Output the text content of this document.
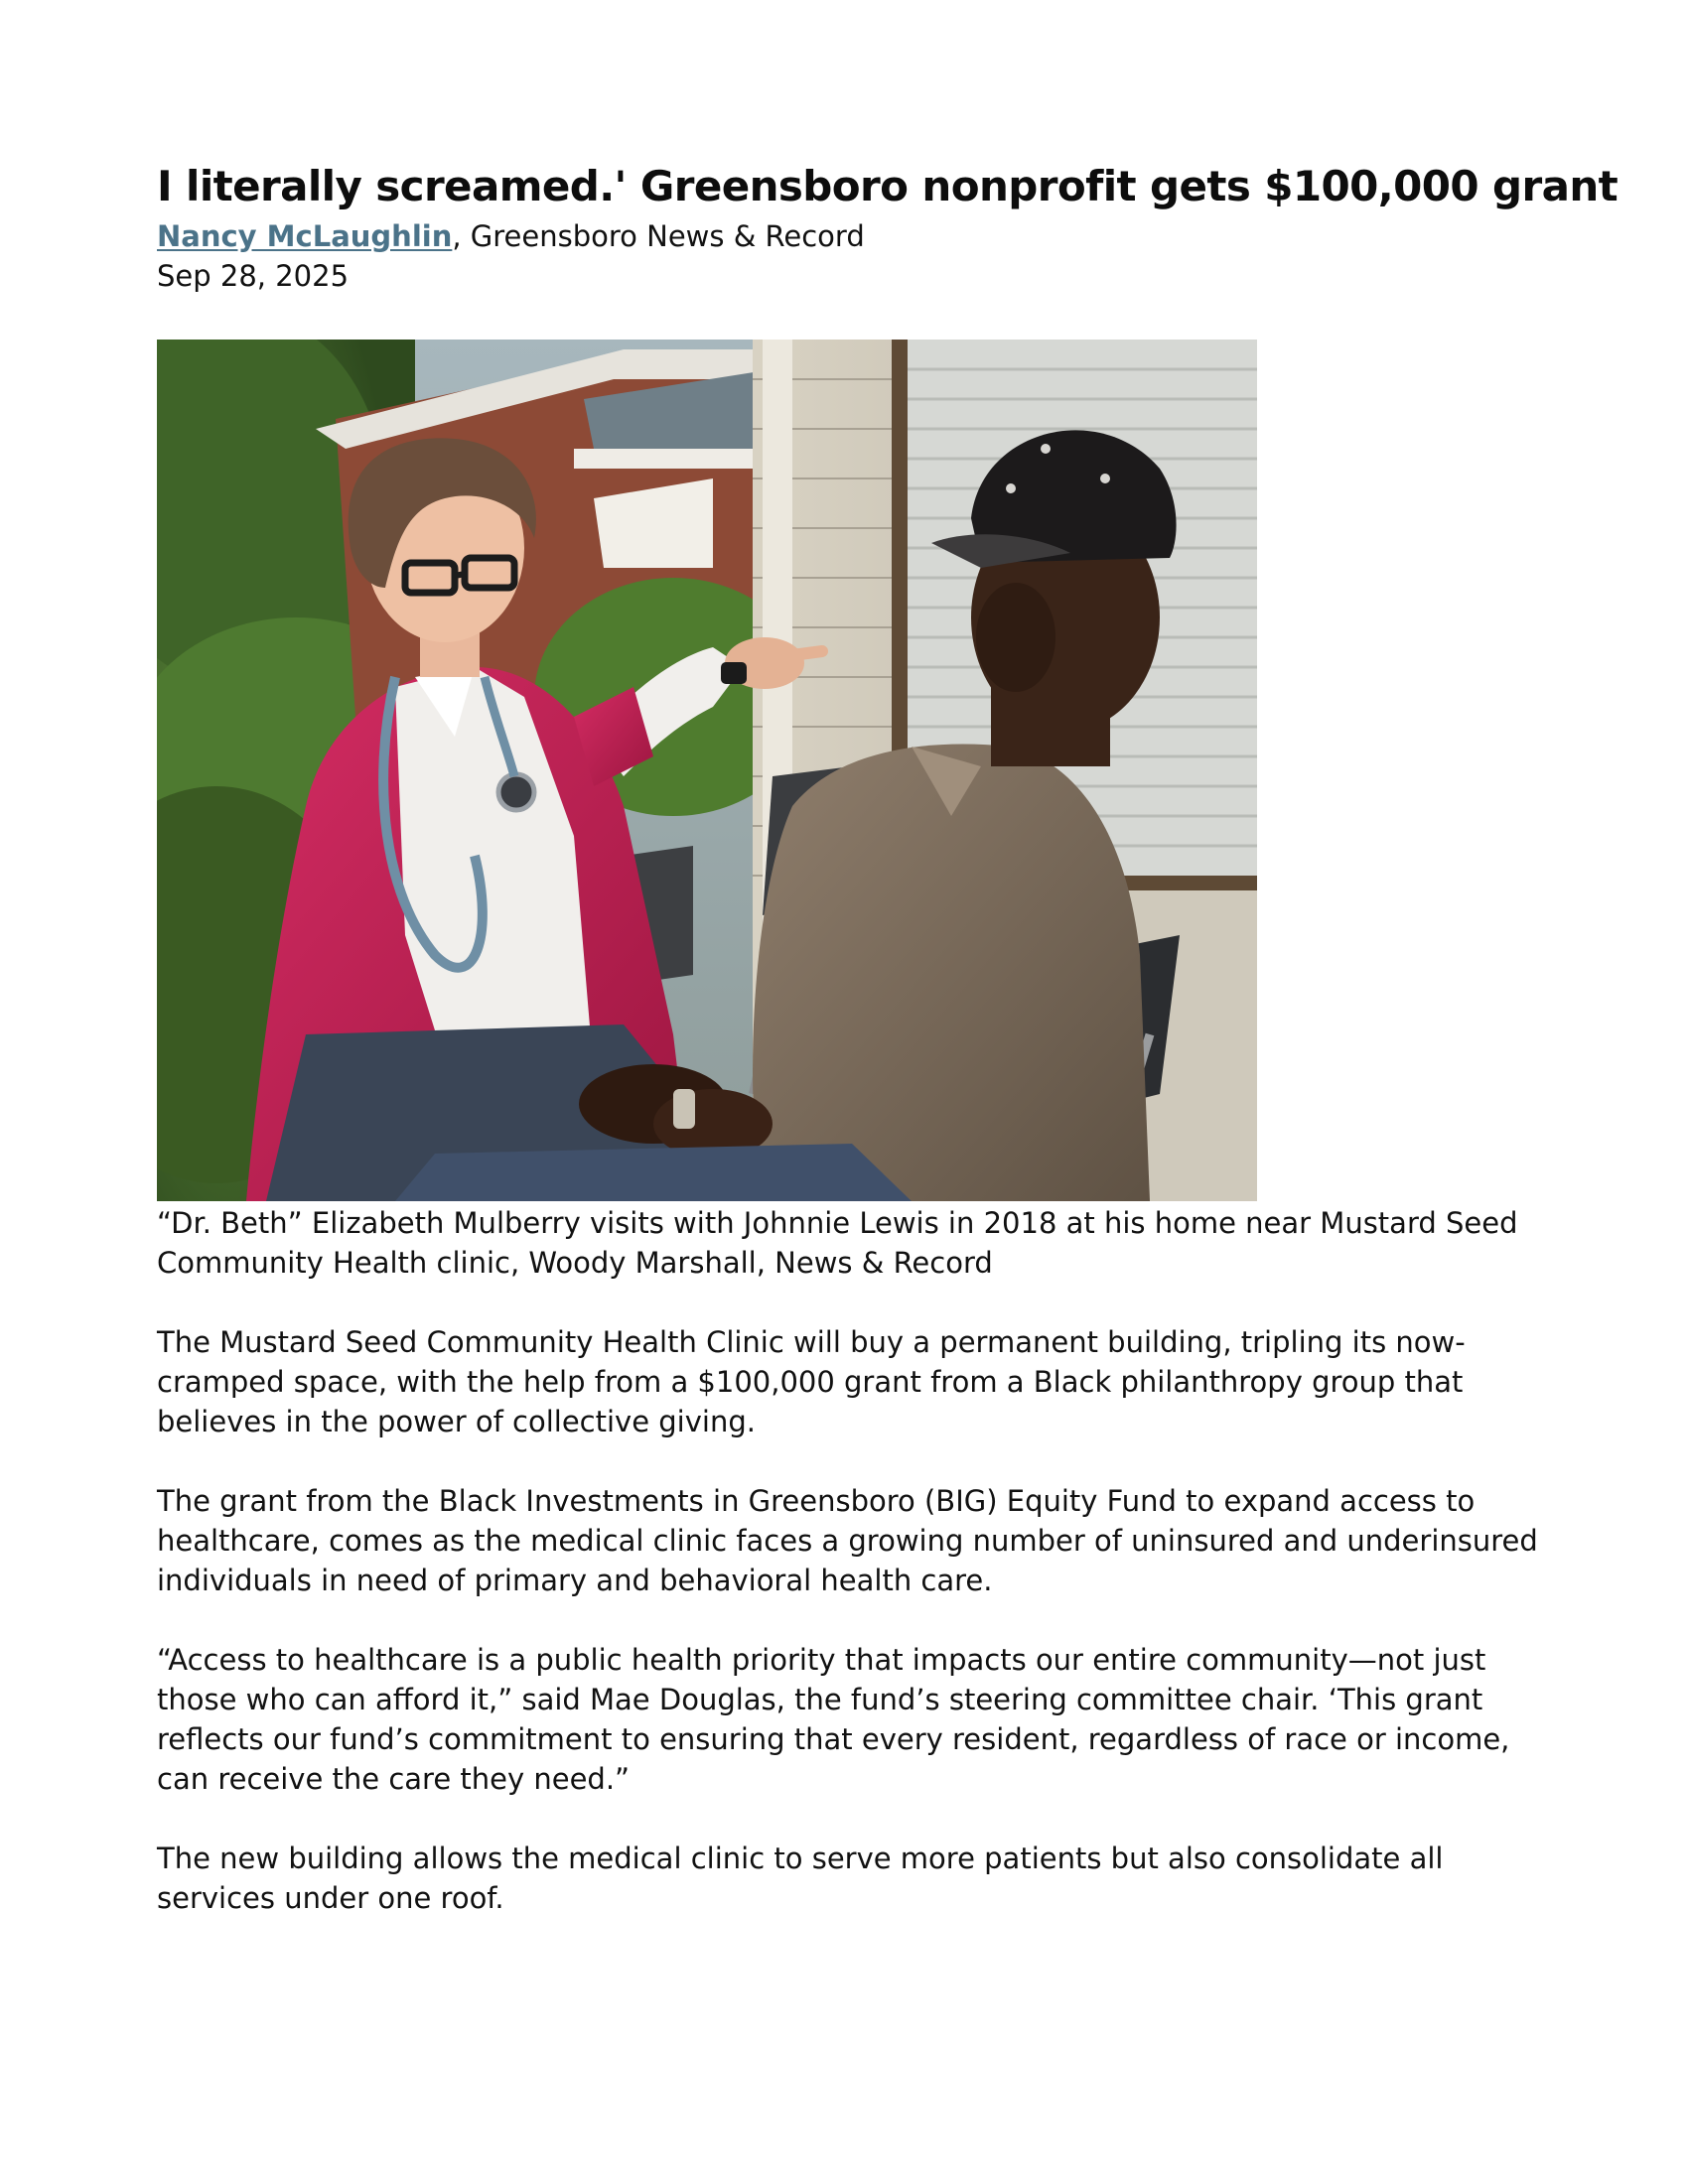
I literally screamed.' Greensboro nonprofit gets $100,000 grant
Nancy McLaughlin, Greensboro News & Record
Sep 28, 2025

“Dr. Beth” Elizabeth Mulberry visits with Johnnie Lewis in 2018 at his home near Mustard Seed Community Health clinic, Woody Marshall, News & Record

The Mustard Seed Community Health Clinic will buy a permanent building, tripling its now-cramped space, with the help from a $100,000 grant from a Black philanthropy group that believes in the power of collective giving.

The grant from the Black Investments in Greensboro (BIG) Equity Fund to expand access to healthcare, comes as the medical clinic faces a growing number of uninsured and underinsured individuals in need of primary and behavioral health care.

“Access to healthcare is a public health priority that impacts our entire community—not just those who can afford it,” said Mae Douglas, the fund’s steering committee chair. ‘This grant reflects our fund’s commitment to ensuring that every resident, regardless of race or income, can receive the care they need.”

The new building allows the medical clinic to serve more patients but also consolidate all services under one roof.
